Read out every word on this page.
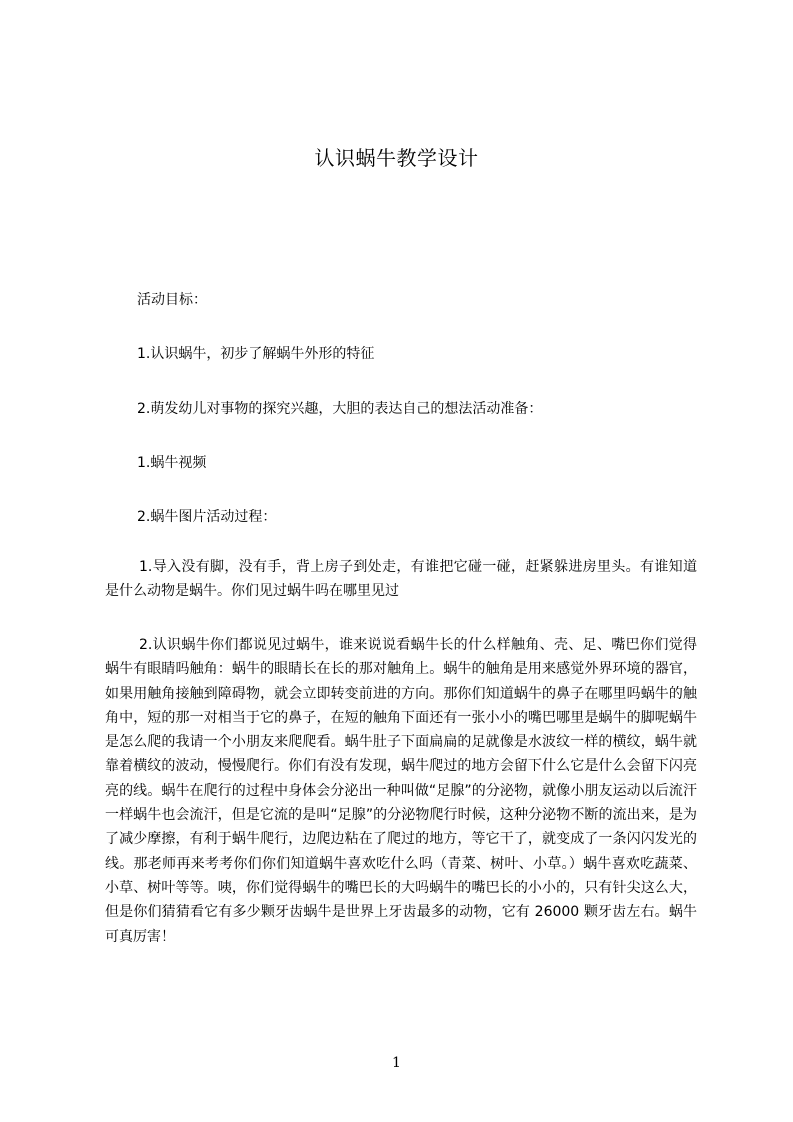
认识蜗牛教学设计
活动目标：
1.认识蜗牛，初步了解蜗牛外形的特征
2.萌发幼儿对事物的探究兴趣，大胆的表达自己的想法活动准备：
1.蜗牛视频
2.蜗牛图片活动过程：
1.导入没有脚，没有手，背上房子到处走，有谁把它碰一碰，赶紧躲进房里头。有谁知道是什么动物是蜗牛。你们见过蜗牛吗在哪里见过
2.认识蜗牛你们都说见过蜗牛，谁来说说看蜗牛长的什么样触角、壳、足、嘴巴你们觉得蜗牛有眼睛吗触角：蜗牛的眼睛长在长的那对触角上。蜗牛的触角是用来感觉外界环境的器官，如果用触角接触到障碍物，就会立即转变前进的方向。那你们知道蜗牛的鼻子在哪里吗蜗牛的触角中，短的那一对相当于它的鼻子，在短的触角下面还有一张小小的嘴巴哪里是蜗牛的脚呢蜗牛是怎么爬的我请一个小朋友来爬爬看。蜗牛肚子下面扁扁的足就像是水波纹一样的横纹，蜗牛就靠着横纹的波动，慢慢爬行。你们有没有发现，蜗牛爬过的地方会留下什么它是什么会留下闪亮亮的线。蜗牛在爬行的过程中身体会分泌出一种叫做“足腺”的分泌物，就像小朋友运动以后流汗一样蜗牛也会流汗，但是它流的是叫“足腺”的分泌物爬行时候，这种分泌物不断的流出来，是为了减少摩擦，有利于蜗牛爬行，边爬边粘在了爬过的地方，等它干了，就变成了一条闪闪发光的线。那老师再来考考你们你们知道蜗牛喜欢吃什么吗（青菜、树叶、小草。）蜗牛喜欢吃蔬菜、小草、树叶等等。咦，你们觉得蜗牛的嘴巴长的大吗蜗牛的嘴巴长的小小的，只有针尖这么大，但是你们猜猜看它有多少颗牙齿蜗牛是世界上牙齿最多的动物，它有 26000 颗牙齿左右。蜗牛可真厉害！
1
